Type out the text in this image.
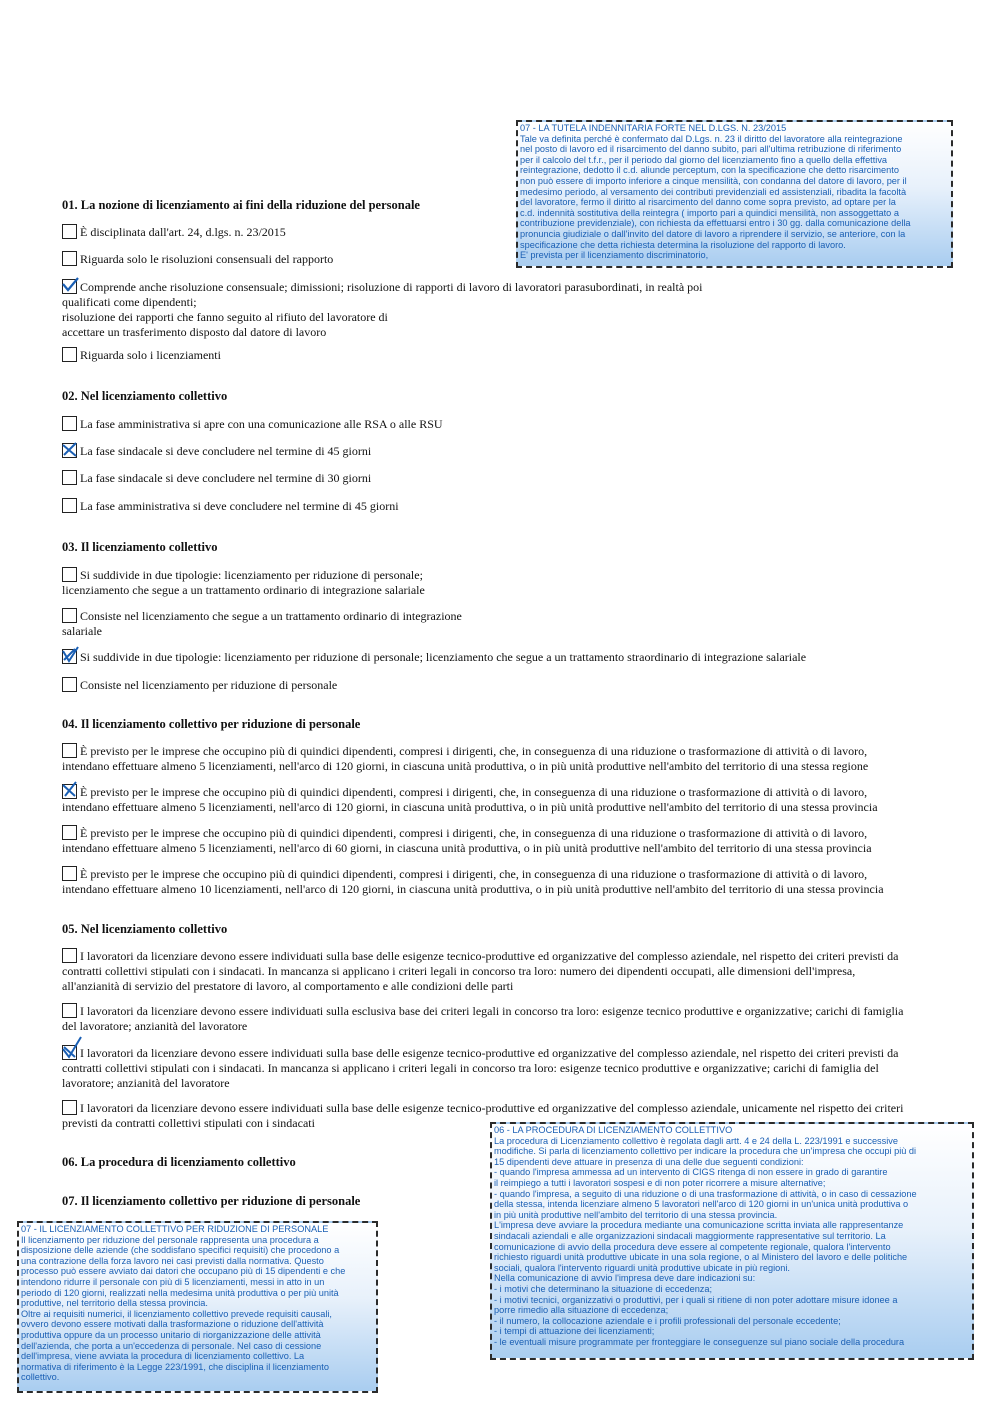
01. La nozione di licenziamento ai fini della riduzione del personale
È disciplinata dall'art. 24, d.lgs. n. 23/2015
Riguarda solo le risoluzioni consensuali del rapporto
Comprende anche risoluzione consensuale; dimissioni; risoluzione di rapporti di lavoro di lavoratori parasubordinati, in realtà poi
qualificati come dipendenti;
risoluzione dei rapporti che fanno seguito al rifiuto del lavoratore di
accettare un trasferimento disposto dal datore di lavoro
Riguarda solo i licenziamenti
02. Nel licenziamento collettivo
La fase amministrativa si apre con una comunicazione alle RSA o alle RSU
La fase sindacale si deve concludere nel termine di 45 giorni
La fase sindacale si deve concludere nel termine di 30 giorni
La fase amministrativa si deve concludere nel termine di 45 giorni
03. Il licenziamento collettivo
Si suddivide in due tipologie: licenziamento per riduzione di personale;
licenziamento che segue a un trattamento ordinario di integrazione salariale
Consiste nel licenziamento che segue a un trattamento ordinario di integrazione
salariale
Si suddivide in due tipologie: licenziamento per riduzione di personale; licenziamento che segue a un trattamento straordinario di integrazione salariale
Consiste nel licenziamento per riduzione di personale
04. Il licenziamento collettivo per riduzione di personale
È previsto per le imprese che occupino più di quindici dipendenti, compresi i dirigenti, che, in conseguenza di una riduzione o trasformazione di attività o di lavoro,
intendano effettuare almeno 5 licenziamenti, nell'arco di 120 giorni, in ciascuna unità produttiva, o in più unità produttive nell'ambito del territorio di una stessa regione
È previsto per le imprese che occupino più di quindici dipendenti, compresi i dirigenti, che, in conseguenza di una riduzione o trasformazione di attività o di lavoro,
intendano effettuare almeno 5 licenziamenti, nell'arco di 120 giorni, in ciascuna unità produttiva, o in più unità produttive nell'ambito del territorio di una stessa provincia
È previsto per le imprese che occupino più di quindici dipendenti, compresi i dirigenti, che, in conseguenza di una riduzione o trasformazione di attività o di lavoro,
intendano effettuare almeno 5 licenziamenti, nell'arco di 60 giorni, in ciascuna unità produttiva, o in più unità produttive nell'ambito del territorio di una stessa provincia
È previsto per le imprese che occupino più di quindici dipendenti, compresi i dirigenti, che, in conseguenza di una riduzione o trasformazione di attività o di lavoro,
intendano effettuare almeno 10 licenziamenti, nell'arco di 120 giorni, in ciascuna unità produttiva, o in più unità produttive nell'ambito del territorio di una stessa provincia
05. Nel licenziamento collettivo
I lavoratori da licenziare devono essere individuati sulla base delle esigenze tecnico-produttive ed organizzative del complesso aziendale, nel rispetto dei criteri previsti da
contratti collettivi stipulati con i sindacati. In mancanza si applicano i criteri legali in concorso tra loro: numero dei dipendenti occupati, alle dimensioni dell'impresa,
all'anzianità di servizio del prestatore di lavoro, al comportamento e alle condizioni delle parti
I lavoratori da licenziare devono essere individuati sulla esclusiva base dei criteri legali in concorso tra loro: esigenze tecnico produttive e organizzative; carichi di famiglia
del lavoratore; anzianità del lavoratore
I lavoratori da licenziare devono essere individuati sulla base delle esigenze tecnico-produttive ed organizzative del complesso aziendale, nel rispetto dei criteri previsti da
contratti collettivi stipulati con i sindacati. In mancanza si applicano i criteri legali in concorso tra loro: esigenze tecnico produttive e organizzative; carichi di famiglia del
lavoratore; anzianità del lavoratore
I lavoratori da licenziare devono essere individuati sulla base delle esigenze tecnico-produttive ed organizzative del complesso aziendale, unicamente nel rispetto dei criteri
previsti da contratti collettivi stipulati con i sindacati
06. La procedura di licenziamento collettivo
07. Il licenziamento collettivo per riduzione di personale
07 - LA TUTELA INDENNITARIA FORTE NEL D.LGS. N. 23/2015
Tale va definita perché è confermato dal D.Lgs. n. 23 il diritto del lavoratore alla reintegrazione
nel posto di lavoro ed il risarcimento del danno subito, pari all'ultima retribuzione di riferimento
per il calcolo del t.f.r., per il periodo dal giorno del licenziamento fino a quello della effettiva
reintegrazione, dedotto il c.d. aliunde perceptum, con la specificazione che detto risarcimento
non può essere di importo inferiore a cinque mensilità, con condanna del datore di lavoro, per il
medesimo periodo, al versamento dei contributi previdenziali ed assistenziali, ribadita la facoltà
del lavoratore, fermo il diritto al risarcimento del danno come sopra previsto, ad optare per la
c.d. indennità sostitutiva della reintegra ( importo pari a quindici mensilità, non assoggettato a
contribuzione previdenziale), con richiesta da effettuarsi entro i 30 gg. dalla comunicazione della
pronuncia giudiziale o dall'invito del datore di lavoro a riprendere il servizio, se anteriore, con la
specificazione che detta richiesta determina la risoluzione del rapporto di lavoro.
E' prevista per il licenziamento discriminatorio,
06 - LA PROCEDURA DI LICENZIAMENTO COLLETTIVO
La procedura di Licenziamento collettivo è regolata dagli artt. 4 e 24 della L. 223/1991 e successive
modifiche. Si parla di licenziamento collettivo per indicare la procedura che un'impresa che occupi più di
15 dipendenti deve attuare in presenza di una delle due seguenti condizioni:
- quando l'impresa ammessa ad un intervento di CIGS ritenga di non essere in grado di garantire
il reimpiego a tutti i lavoratori sospesi e di non poter ricorrere a misure alternative;
- quando l'impresa, a seguito di una riduzione o di una trasformazione di attività, o in caso di cessazione
della stessa, intenda licenziare almeno 5 lavoratori nell'arco di 120 giorni in un'unica unità produttiva o
in più unità produttive nell'ambito del territorio di una stessa provincia.
L'impresa deve avviare la procedura mediante una comunicazione scritta inviata alle rappresentanze
sindacali aziendali e alle organizzazioni sindacali maggiormente rappresentative sul territorio. La
comunicazione di avvio della procedura deve essere al competente regionale, qualora l'intervento
richiesto riguardi unità produttive ubicate in una sola regione, o al Ministero del lavoro e delle politiche
sociali, qualora l'intervento riguardi unità produttive ubicate in più regioni.
Nella comunicazione di avvio l'impresa deve dare indicazioni su:
- i motivi che determinano la situazione di eccedenza;
- i motivi tecnici, organizzativi o produttivi, per i quali si ritiene di non poter adottare misure idonee a
porre rimedio alla situazione di eccedenza;
- il numero, la collocazione aziendale e i profili professionali del personale eccedente;
- i tempi di attuazione dei licenziamenti;
- le eventuali misure programmate per fronteggiare le conseguenze sul piano sociale della procedura
07 - IL LICENZIAMENTO COLLETTIVO PER RIDUZIONE DI PERSONALE
Il licenziamento per riduzione del personale rappresenta una procedura a
disposizione delle aziende (che soddisfano specifici requisiti) che procedono a
una contrazione della forza lavoro nei casi previsti dalla normativa. Questo
processo può essere avviato dai datori che occupano più di 15 dipendenti e che
intendono ridurre il personale con più di 5 licenziamenti, messi in atto in un
periodo di 120 giorni, realizzati nella medesima unità produttiva o per più unità
produttive, nel territorio della stessa provincia.
Oltre ai requisiti numerici, il licenziamento collettivo prevede requisiti causali,
ovvero devono essere motivati dalla trasformazione o riduzione dell'attività
produttiva oppure da un processo unitario di riorganizzazione delle attività
dell'azienda, che porta a un'eccedenza di personale. Nel caso di cessione
dell'impresa, viene avviata la procedura di licenziamento collettivo. La
normativa di riferimento è la Legge 223/1991, che disciplina il licenziamento
collettivo.
